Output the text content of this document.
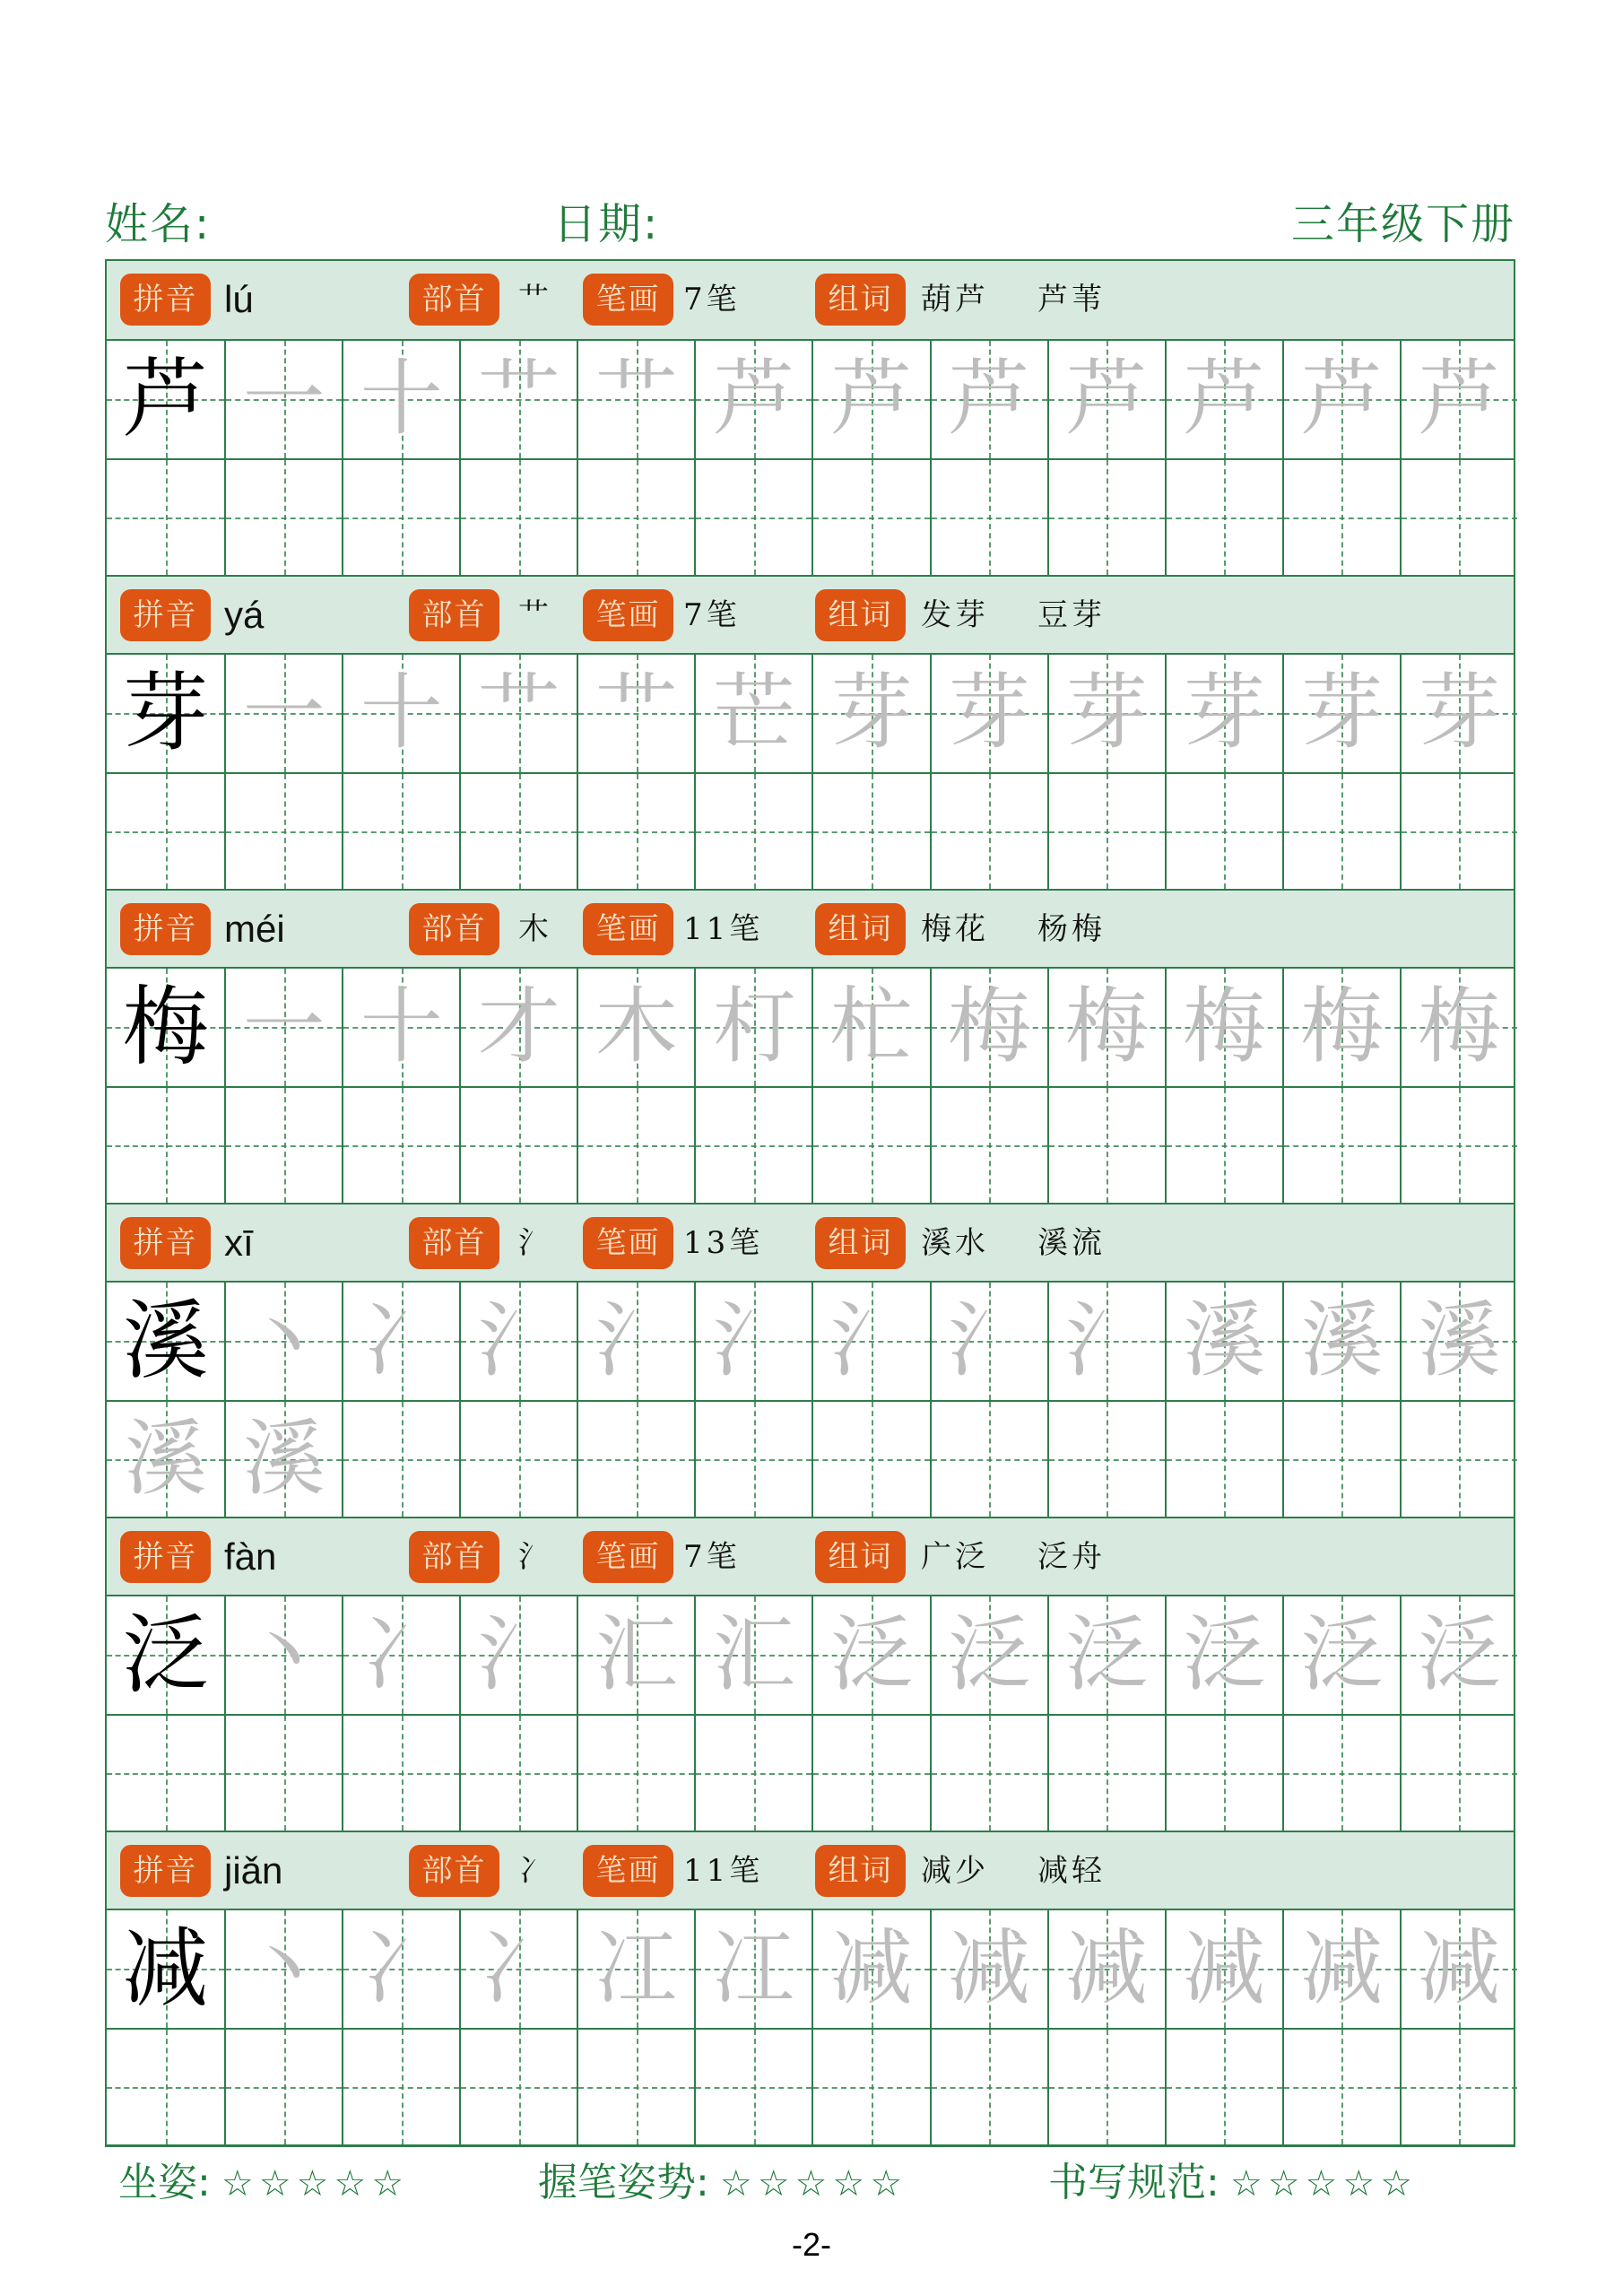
姓名:	日期:	三年级下册
拼音 lú	部首	艹	笔画 7笔	组词 葫芦 芦苇
芦 一 十 艹 艹 芦 芦 芦 芦 芦 芦 芦
拼音 yá	部首	艹	笔画 7笔	组词 发芽 豆芽
芽 一 十 艹 艹 芒 芽 芽 芽 芽 芽 芽
拼音 méi	部首	木	笔画 11笔	组词 梅花 杨梅
梅 一 十 才 木 朾 杧 梅 梅 梅 梅 梅
拼音 xī	部首	氵	笔画 13笔	组词 溪水 溪流
溪 丶 冫 氵 氵 氵 氵 氵 氵 溪 溪 溪
溪 溪
拼音 fàn	部首	氵	笔画 7笔	组词 广泛 泛舟
泛 丶 冫 氵 汇 汇 泛 泛 泛 泛 泛 泛
拼音 jiǎn	部首	冫	笔画 11笔	组词 减少 减轻
减 丶 冫 冫 冮 冮 减 减 减 减 减 减
坐姿: ☆☆☆☆☆	握笔姿势: ☆☆☆☆☆	书写规范: ☆☆☆☆☆
-2-
